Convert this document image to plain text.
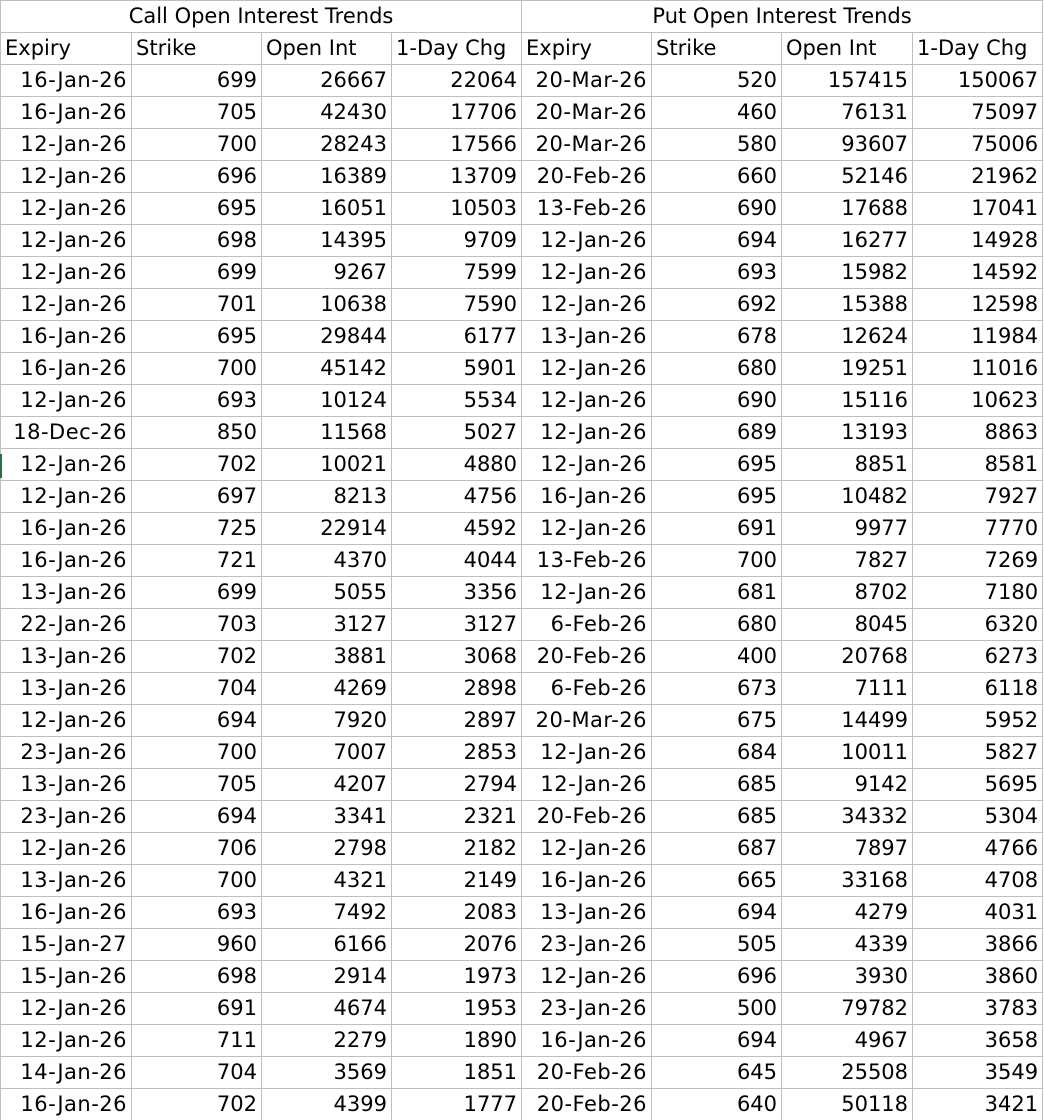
Call Open Interest Trends				Put Open Interest Trends			
Expiry	Strike	Open Int	1-Day Chg	Expiry	Strike	Open Int	1-Day Chg
16-Jan-26	699	26667	22064	20-Mar-26	520	157415	150067
16-Jan-26	705	42430	17706	20-Mar-26	460	76131	75097
12-Jan-26	700	28243	17566	20-Mar-26	580	93607	75006
12-Jan-26	696	16389	13709	20-Feb-26	660	52146	21962
12-Jan-26	695	16051	10503	13-Feb-26	690	17688	17041
12-Jan-26	698	14395	9709	12-Jan-26	694	16277	14928
12-Jan-26	699	9267	7599	12-Jan-26	693	15982	14592
12-Jan-26	701	10638	7590	12-Jan-26	692	15388	12598
16-Jan-26	695	29844	6177	13-Jan-26	678	12624	11984
16-Jan-26	700	45142	5901	12-Jan-26	680	19251	11016
12-Jan-26	693	10124	5534	12-Jan-26	690	15116	10623
18-Dec-26	850	11568	5027	12-Jan-26	689	13193	8863
12-Jan-26	702	10021	4880	12-Jan-26	695	8851	8581
12-Jan-26	697	8213	4756	16-Jan-26	695	10482	7927
16-Jan-26	725	22914	4592	12-Jan-26	691	9977	7770
16-Jan-26	721	4370	4044	13-Feb-26	700	7827	7269
13-Jan-26	699	5055	3356	12-Jan-26	681	8702	7180
22-Jan-26	703	3127	3127	6-Feb-26	680	8045	6320
13-Jan-26	702	3881	3068	20-Feb-26	400	20768	6273
13-Jan-26	704	4269	2898	6-Feb-26	673	7111	6118
12-Jan-26	694	7920	2897	20-Mar-26	675	14499	5952
23-Jan-26	700	7007	2853	12-Jan-26	684	10011	5827
13-Jan-26	705	4207	2794	12-Jan-26	685	9142	5695
23-Jan-26	694	3341	2321	20-Feb-26	685	34332	5304
12-Jan-26	706	2798	2182	12-Jan-26	687	7897	4766
13-Jan-26	700	4321	2149	16-Jan-26	665	33168	4708
16-Jan-26	693	7492	2083	13-Jan-26	694	4279	4031
15-Jan-27	960	6166	2076	23-Jan-26	505	4339	3866
15-Jan-26	698	2914	1973	12-Jan-26	696	3930	3860
12-Jan-26	691	4674	1953	23-Jan-26	500	79782	3783
12-Jan-26	711	2279	1890	16-Jan-26	694	4967	3658
14-Jan-26	704	3569	1851	20-Feb-26	645	25508	3549
16-Jan-26	702	4399	1777	20-Feb-26	640	50118	3421
